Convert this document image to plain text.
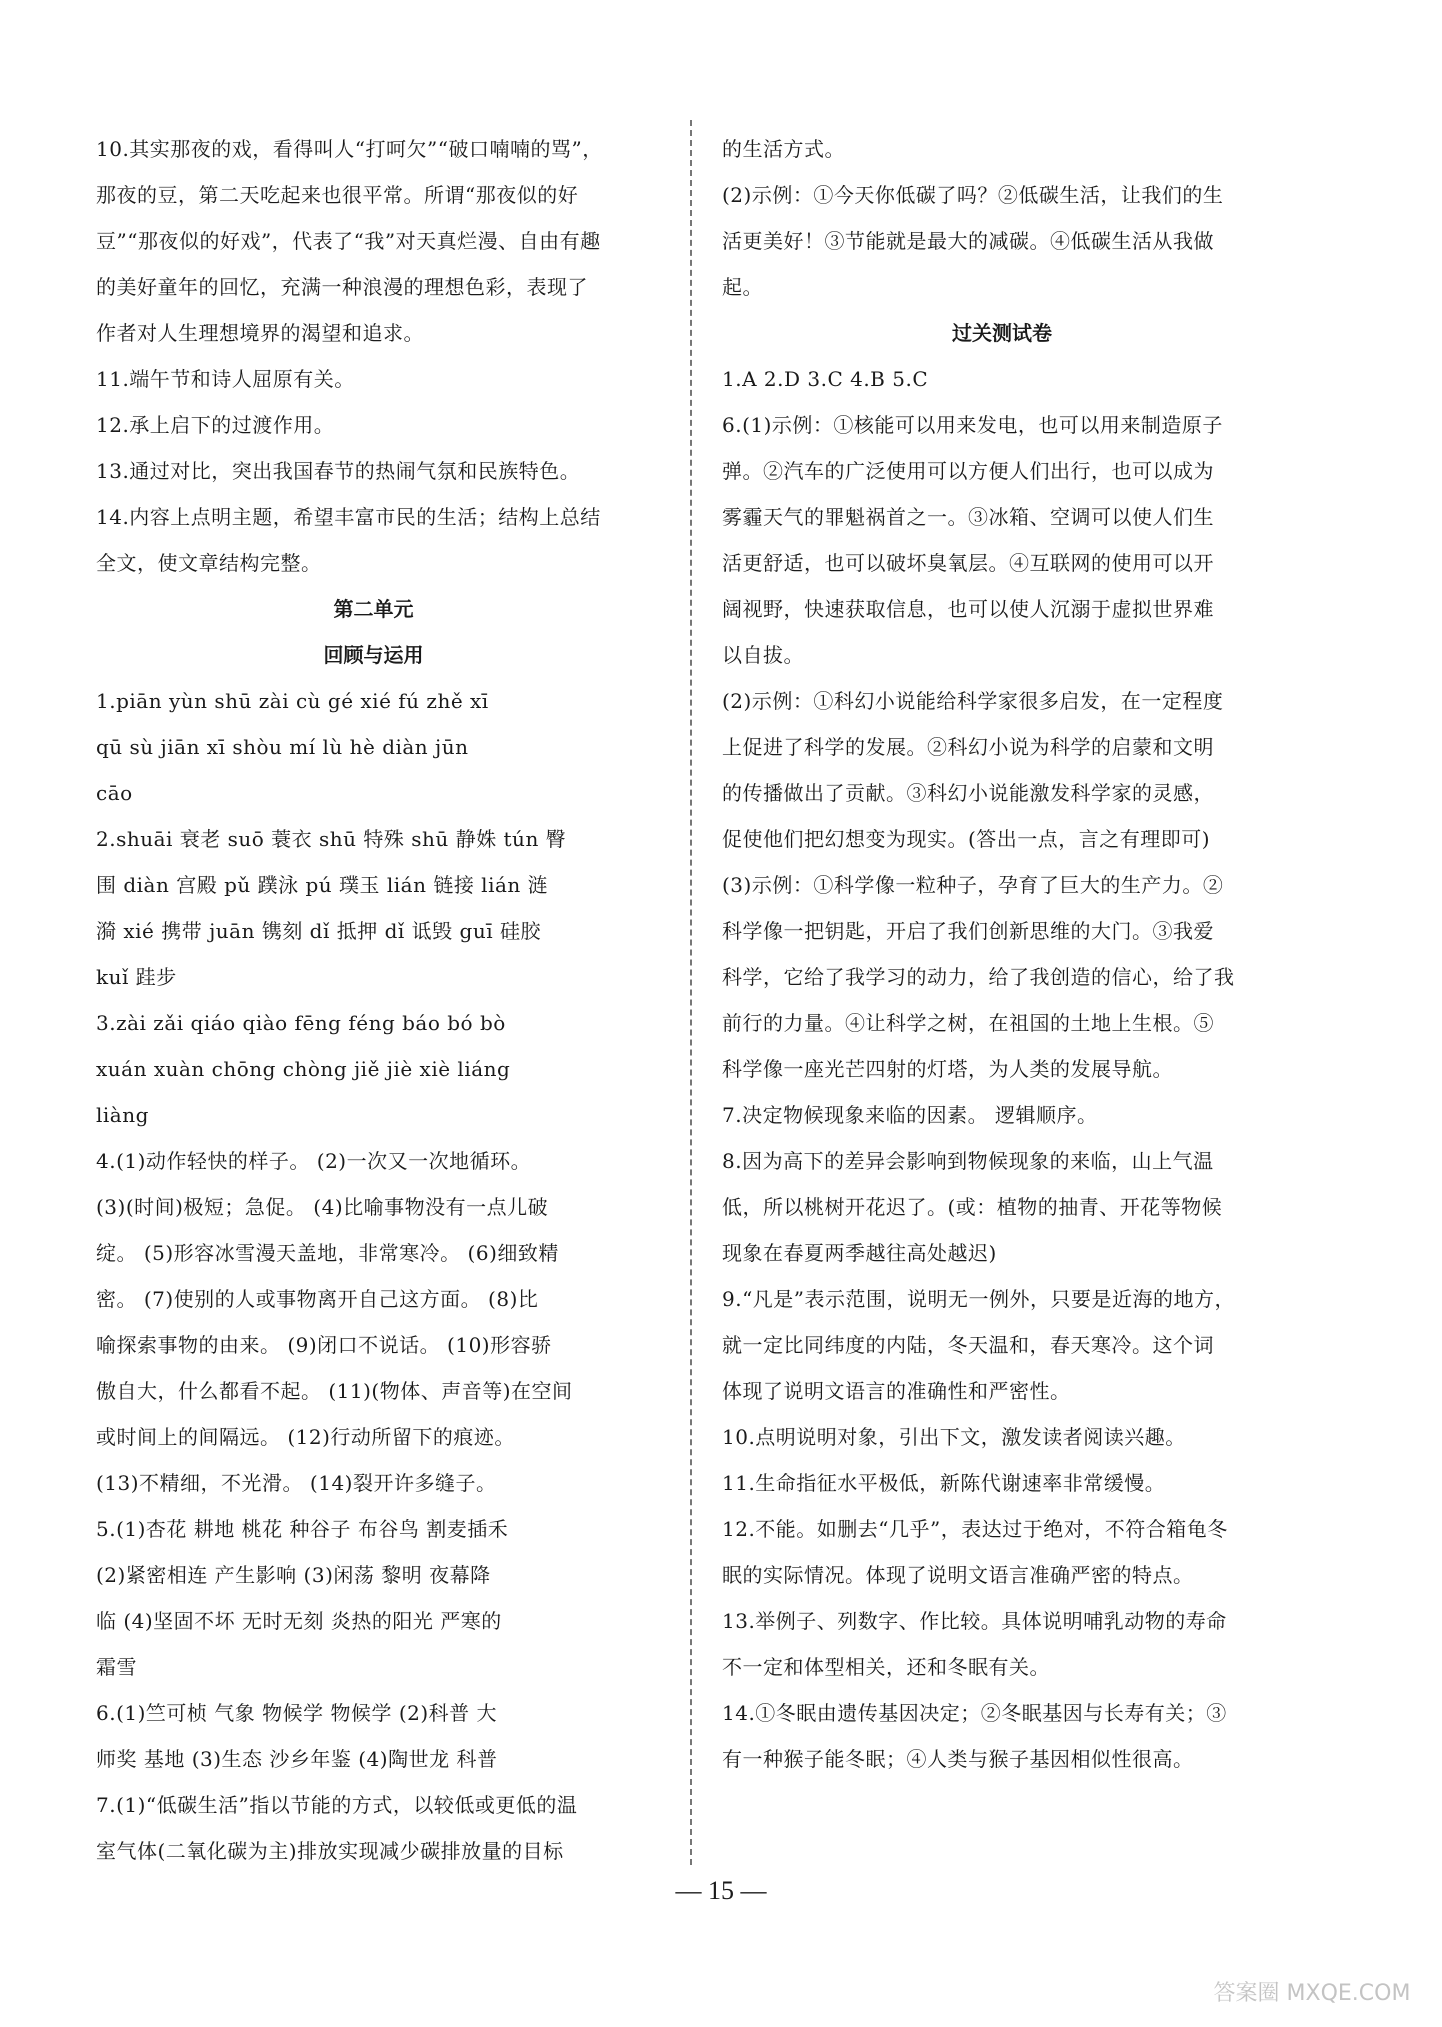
10.其实那夜的戏，看得叫人“打呵欠”“破口喃喃的骂”，
那夜的豆，第二天吃起来也很平常。所谓“那夜似的好
豆”“那夜似的好戏”，代表了“我”对天真烂漫、自由有趣
的美好童年的回忆，充满一种浪漫的理想色彩，表现了
作者对人生理想境界的渴望和追求。
11.端午节和诗人屈原有关。
12.承上启下的过渡作用。
13.通过对比，突出我国春节的热闹气氛和民族特色。
14.内容上点明主题，希望丰富市民的生活；结构上总结
全文，使文章结构完整。
第二单元
回顾与运用
1.piān yùn shū zài cù gé xié fú zhě xī
qū sù jiān xī shòu mí lù hè diàn jūn
cāo
2.shuāi 衰老 suō 蓑衣 shū 特殊 shū 静姝 tún 臀
围 diàn 宫殿 pǔ 蹼泳 pú 璞玉 lián 链接 lián 涟
漪 xié 携带 juān 镌刻 dǐ 抵押 dǐ 诋毁 guī 硅胶
kuǐ 跬步
3.zài zǎi qiáo qiào fēng féng báo bó bò
xuán xuàn chōng chòng jiě jiè xiè liáng
liàng
4.(1)动作轻快的样子。 (2)一次又一次地循环。
(3)(时间)极短；急促。 (4)比喻事物没有一点儿破
绽。 (5)形容冰雪漫天盖地，非常寒冷。 (6)细致精
密。 (7)使别的人或事物离开自己这方面。 (8)比
喻探索事物的由来。 (9)闭口不说话。 (10)形容骄
傲自大，什么都看不起。 (11)(物体、声音等)在空间
或时间上的间隔远。 (12)行动所留下的痕迹。
(13)不精细，不光滑。 (14)裂开许多缝子。
5.(1)杏花 耕地 桃花 种谷子 布谷鸟 割麦插禾
(2)紧密相连 产生影响 (3)闲荡 黎明 夜幕降
临 (4)坚固不坏 无时无刻 炎热的阳光 严寒的
霜雪
6.(1)竺可桢 气象 物候学 物候学 (2)科普 大
师奖 基地 (3)生态 沙乡年鉴 (4)陶世龙 科普
7.(1)“低碳生活”指以节能的方式，以较低或更低的温
室气体(二氧化碳为主)排放实现减少碳排放量的目标
的生活方式。
(2)示例：①今天你低碳了吗？②低碳生活，让我们的生
活更美好！③节能就是最大的减碳。④低碳生活从我做
起。
过关测试卷
1.A 2.D 3.C 4.B 5.C
6.(1)示例：①核能可以用来发电，也可以用来制造原子
弹。②汽车的广泛使用可以方便人们出行，也可以成为
雾霾天气的罪魁祸首之一。③冰箱、空调可以使人们生
活更舒适，也可以破坏臭氧层。④互联网的使用可以开
阔视野，快速获取信息，也可以使人沉溺于虚拟世界难
以自拔。
(2)示例：①科幻小说能给科学家很多启发，在一定程度
上促进了科学的发展。②科幻小说为科学的启蒙和文明
的传播做出了贡献。③科幻小说能激发科学家的灵感，
促使他们把幻想变为现实。(答出一点，言之有理即可)
(3)示例：①科学像一粒种子，孕育了巨大的生产力。②
科学像一把钥匙，开启了我们创新思维的大门。③我爱
科学，它给了我学习的动力，给了我创造的信心，给了我
前行的力量。④让科学之树，在祖国的土地上生根。⑤
科学像一座光芒四射的灯塔，为人类的发展导航。
7.决定物候现象来临的因素。 逻辑顺序。
8.因为高下的差异会影响到物候现象的来临，山上气温
低，所以桃树开花迟了。(或：植物的抽青、开花等物候
现象在春夏两季越往高处越迟)
9.“凡是”表示范围，说明无一例外，只要是近海的地方，
就一定比同纬度的内陆，冬天温和，春天寒冷。这个词
体现了说明文语言的准确性和严密性。
10.点明说明对象，引出下文，激发读者阅读兴趣。
11.生命指征水平极低，新陈代谢速率非常缓慢。
12.不能。如删去“几乎”，表达过于绝对，不符合箱龟冬
眠的实际情况。体现了说明文语言准确严密的特点。
13.举例子、列数字、作比较。具体说明哺乳动物的寿命
不一定和体型相关，还和冬眠有关。
14.①冬眠由遗传基因决定；②冬眠基因与长寿有关；③
有一种猴子能冬眠；④人类与猴子基因相似性很高。
— 15 —
答案圈 MXQE.COM
